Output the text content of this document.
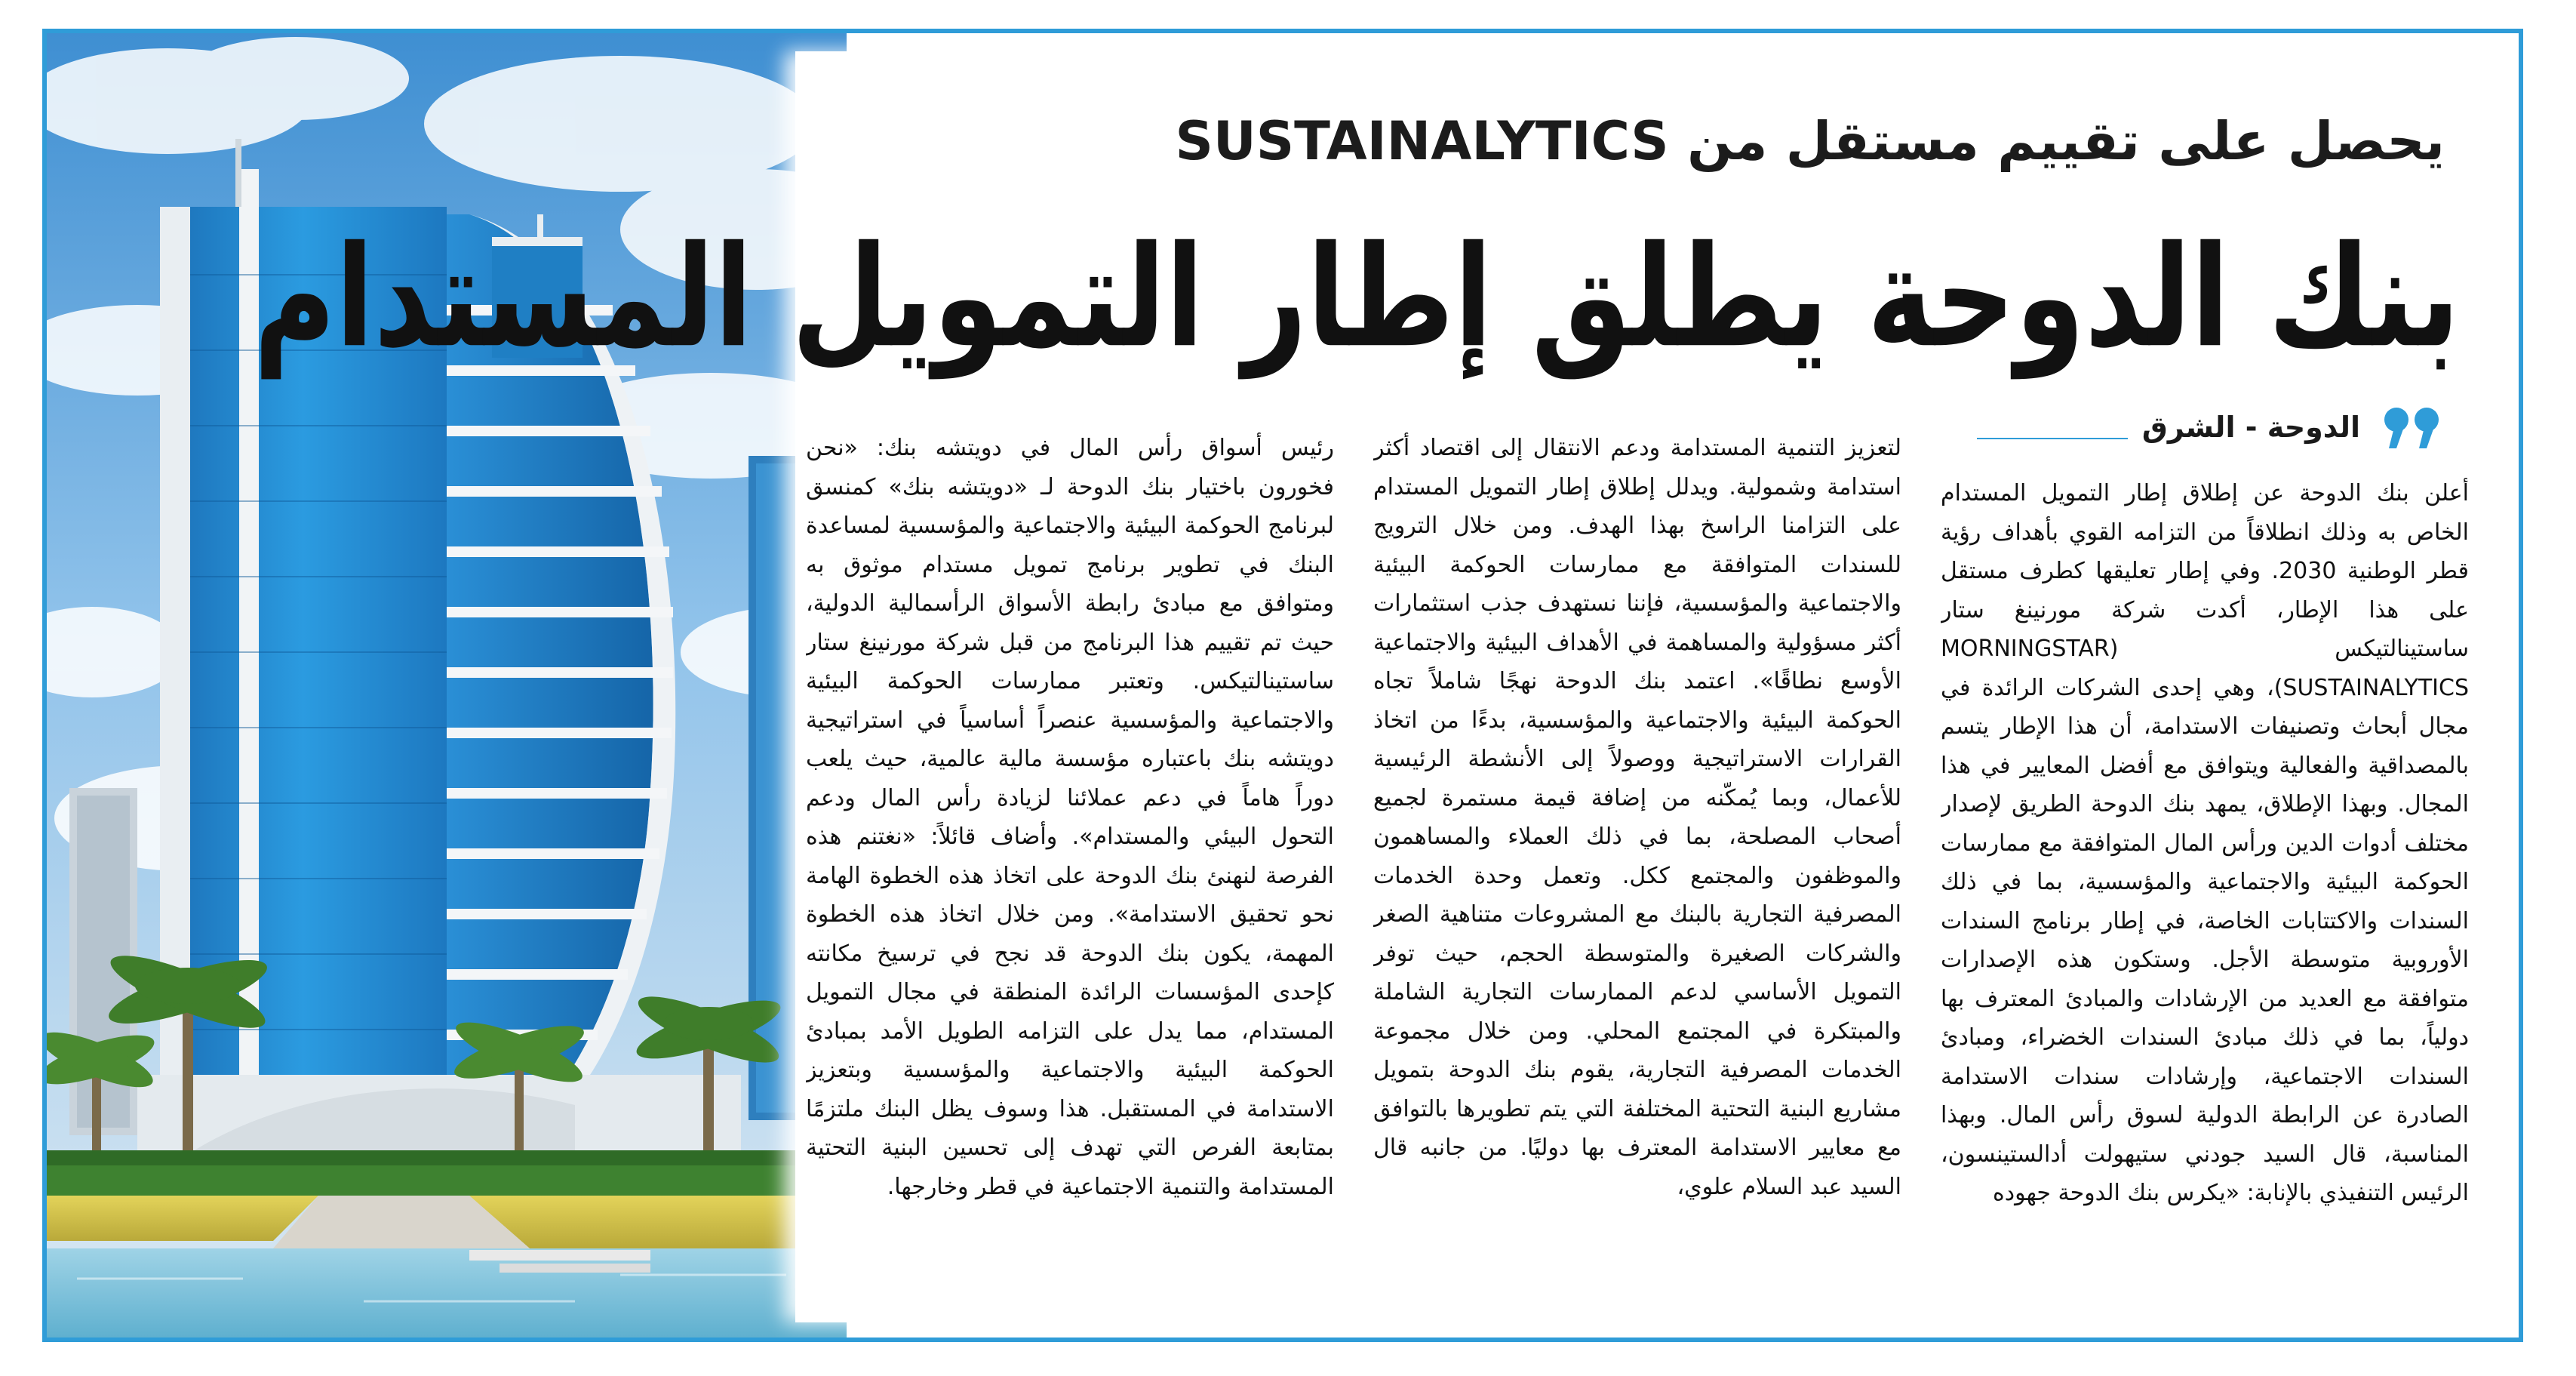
يحصل على تقييم مستقل من SUSTAINALYTICS
بنك الدوحة يطلق إطار التمويل المستدام
الدوحة - الشرق
أعلن بنك الدوحة عن إطلاق إطار التمويل المستدام الخاص به وذلك انطلاقاً من التزامه القوي بأهداف رؤية قطر الوطنية 2030. وفي إطار تعليقها كطرف مستقل على هذا الإطار، أكدت شركة مورنينغ ستار ساستينالتيكس (MORNINGSTAR SUSTAINALYTICS)، وهي إحدى الشركات الرائدة في مجال أبحاث وتصنيفات الاستدامة، أن هذا الإطار يتسم بالمصداقية والفعالية ويتوافق مع أفضل المعايير في هذا المجال. وبهذا الإطلاق، يمهد بنك الدوحة الطريق لإصدار مختلف أدوات الدين ورأس المال المتوافقة مع ممارسات الحوكمة البيئية والاجتماعية والمؤسسية، بما في ذلك السندات والاكتتابات الخاصة، في إطار برنامج السندات الأوروبية متوسطة الأجل. وستكون هذه الإصدارات متوافقة مع العديد من الإرشادات والمبادئ المعترف بها دولياً، بما في ذلك مبادئ السندات الخضراء، ومبادئ السندات الاجتماعية، وإرشادات سندات الاستدامة الصادرة عن الرابطة الدولية لسوق رأس المال. وبهذا المناسبة، قال السيد جودني ستيهولت أدالستينسون، الرئيس التنفيذي بالإنابة: «يكرس بنك الدوحة جهوده
لتعزيز التنمية المستدامة ودعم الانتقال إلى اقتصاد أكثر استدامة وشمولية. ويدلل إطلاق إطار التمويل المستدام على التزامنا الراسخ بهذا الهدف. ومن خلال الترويج للسندات المتوافقة مع ممارسات الحوكمة البيئية والاجتماعية والمؤسسية، فإننا نستهدف جذب استثمارات أكثر مسؤولية والمساهمة في الأهداف البيئية والاجتماعية الأوسع نطاقًا». اعتمد بنك الدوحة نهجًا شاملاً تجاه الحوكمة البيئية والاجتماعية والمؤسسية، بدءًا من اتخاذ القرارات الاستراتيجية ووصولاً إلى الأنشطة الرئيسية للأعمال، وبما يُمكّنه من إضافة قيمة مستمرة لجميع أصحاب المصلحة، بما في ذلك العملاء والمساهمون والموظفون والمجتمع ككل. وتعمل وحدة الخدمات المصرفية التجارية بالبنك مع المشروعات متناهية الصغر والشركات الصغيرة والمتوسطة الحجم، حيث توفر التمويل الأساسي لدعم الممارسات التجارية الشاملة والمبتكرة في المجتمع المحلي. ومن خلال مجموعة الخدمات المصرفية التجارية، يقوم بنك الدوحة بتمويل مشاريع البنية التحتية المختلفة التي يتم تطويرها بالتوافق مع معايير الاستدامة المعترف بها دوليًا. من جانبه قال السيد عبد السلام علوي،
رئيس أسواق رأس المال في دويتشه بنك: «نحن فخورون باختيار بنك الدوحة لـ «دويتشه بنك» كمنسق لبرنامج الحوكمة البيئية والاجتماعية والمؤسسية لمساعدة البنك في تطوير برنامج تمويل مستدام موثوق به ومتوافق مع مبادئ رابطة الأسواق الرأسمالية الدولية، حيث تم تقييم هذا البرنامج من قبل شركة مورنينغ ستار ساستينالتيكس. وتعتبر ممارسات الحوكمة البيئية والاجتماعية والمؤسسية عنصراً أساسياً في استراتيجية دويتشه بنك باعتباره مؤسسة مالية عالمية، حيث يلعب دوراً هاماً في دعم عملائنا لزيادة رأس المال ودعم التحول البيئي والمستدام». وأضاف قائلاً: «نغتنم هذه الفرصة لنهنئ بنك الدوحة على اتخاذ هذه الخطوة الهامة نحو تحقيق الاستدامة». ومن خلال اتخاذ هذه الخطوة المهمة، يكون بنك الدوحة قد نجح في ترسيخ مكانته كإحدى المؤسسات الرائدة المنطقة في مجال التمويل المستدام، مما يدل على التزامه الطويل الأمد بمبادئ الحوكمة البيئية والاجتماعية والمؤسسية وبتعزيز الاستدامة في المستقبل. هذا وسوف يظل البنك ملتزمًا بمتابعة الفرص التي تهدف إلى تحسين البنية التحتية المستدامة والتنمية الاجتماعية في قطر وخارجها.
